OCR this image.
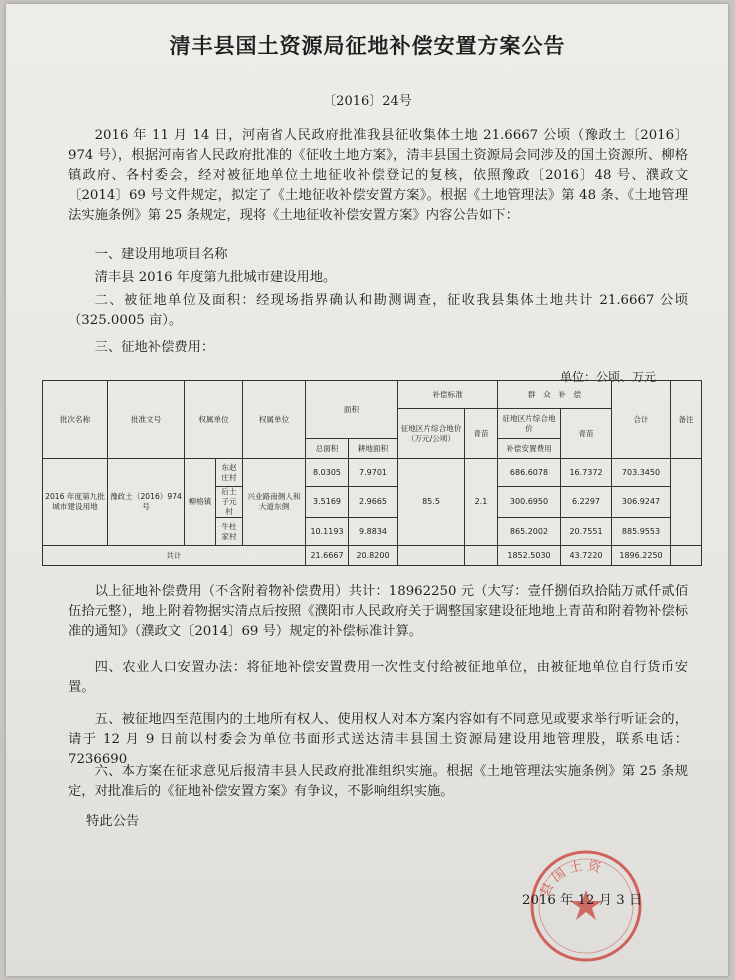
清丰县国土资源局征地补偿安置方案公告
〔2016〕24号
2016 年 11 月 14 日，河南省人民政府批准我县征收集体土地 21.6667 公顷（豫政土〔2016〕974 号），根据河南省人民政府批准的《征收土地方案》，清丰县国土资源局会同涉及的国土资源所、柳格镇政府、各村委会，经对被征地单位土地征收补偿登记的复核，依照豫政〔2016〕48 号、濮政文〔2014〕69 号文件规定，拟定了《土地征收补偿安置方案》。根据《土地管理法》第 48 条、《土地管理法实施条例》第 25 条规定，现将《土地征收补偿安置方案》内容公告如下：
一、建设用地项目名称
清丰县 2016 年度第九批城市建设用地。
二、被征地单位及面积：经现场指界确认和勘测调查，征收我县集体土地共计 21.6667 公顷（325.0005 亩）。
三、征地补偿费用：
单位：公顷、万元
批次名称	批准文号	权属单位		权属单位	面积		补偿标准		群　众　补　偿		合计	备注
							征地区片综合地价（万元/公顷）	青苗	征地区片综合地价	青苗		
					总面积	耕地面积			补偿安置费用			
2016 年度第九批城市建设用地	豫政土（2016）974 号	柳格镇	东赵庄村	兴业路南侧人和大道东侧	8.0305	7.9701	85.5	2.1	686.6078	16.7372	703.3450	
			后土子元村		3.5169	2.9665			300.6950	6.2297	306.9247	
			牛杜家村		10.1193	9.8834			865.2002	20.7551	885.9553	
共计					21.6667	20.8200			1852.5030	43.7220	1896.2250	
以上征地补偿费用（不含附着物补偿费用）共计：18962250 元（大写：壹仟捌佰玖拾陆万贰仟贰佰伍拾元整），地上附着物据实清点后按照《濮阳市人民政府关于调整国家建设征地地上青苗和附着物补偿标准的通知》（濮政文〔2014〕69 号）规定的补偿标准计算。
四、农业人口安置办法：将征地补偿安置费用一次性支付给被征地单位，由被征地单位自行货币安置。
五、被征地四至范围内的土地所有权人、使用权人对本方案内容如有不同意见或要求举行听证会的，请于 12 月 9 日前以村委会为单位书面形式送达清丰县国土资源局建设用地管理股，联系电话：7236690
六、本方案在征求意见后报清丰县人民政府批准组织实施。根据《土地管理法实施条例》第 25 条规定，对批准后的《征地补偿安置方案》有争议，不影响组织实施。
特此公告
县国土资
2016 年 12 月 3 日
